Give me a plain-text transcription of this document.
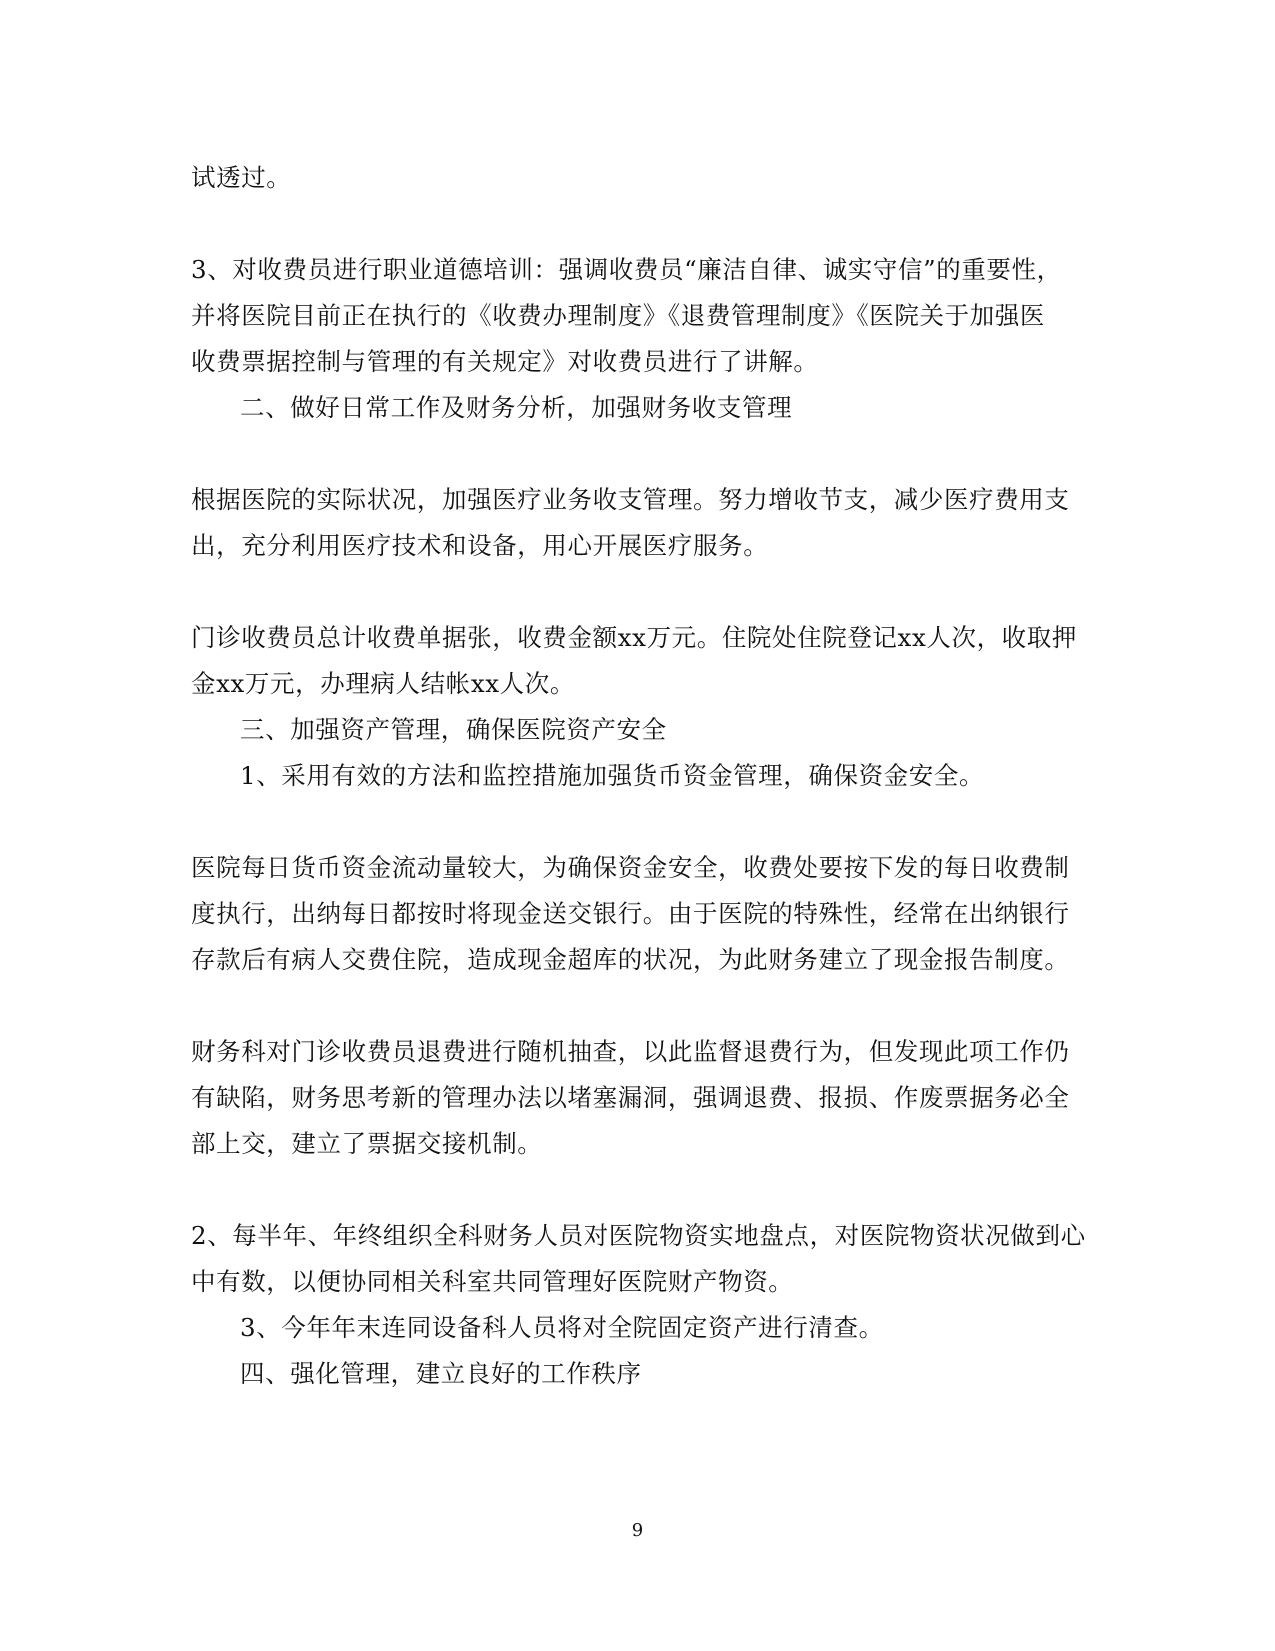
试透过。
3、对收费员进行职业道德培训：强调收费员“廉洁自律、诚实守信”的重要性，
并将医院目前正在执行的《收费办理制度》《退费管理制度》《医院关于加强医
收费票据控制与管理的有关规定》对收费员进行了讲解。
二、做好日常工作及财务分析，加强财务收支管理
根据医院的实际状况，加强医疗业务收支管理。努力增收节支，减少医疗费用支
出，充分利用医疗技术和设备，用心开展医疗服务。
门诊收费员总计收费单据张，收费金额xx万元。住院处住院登记xx人次，收取押
金xx万元，办理病人结帐xx人次。
三、加强资产管理，确保医院资产安全
1、采用有效的方法和监控措施加强货币资金管理，确保资金安全。
医院每日货币资金流动量较大，为确保资金安全，收费处要按下发的每日收费制
度执行，出纳每日都按时将现金送交银行。由于医院的特殊性，经常在出纳银行
存款后有病人交费住院，造成现金超库的状况，为此财务建立了现金报告制度。
财务科对门诊收费员退费进行随机抽查，以此监督退费行为，但发现此项工作仍
有缺陷，财务思考新的管理办法以堵塞漏洞，强调退费、报损、作废票据务必全
部上交，建立了票据交接机制。
2、每半年、年终组织全科财务人员对医院物资实地盘点，对医院物资状况做到心
中有数，以便协同相关科室共同管理好医院财产物资。
3、今年年末连同设备科人员将对全院固定资产进行清查。
四、强化管理，建立良好的工作秩序
9
